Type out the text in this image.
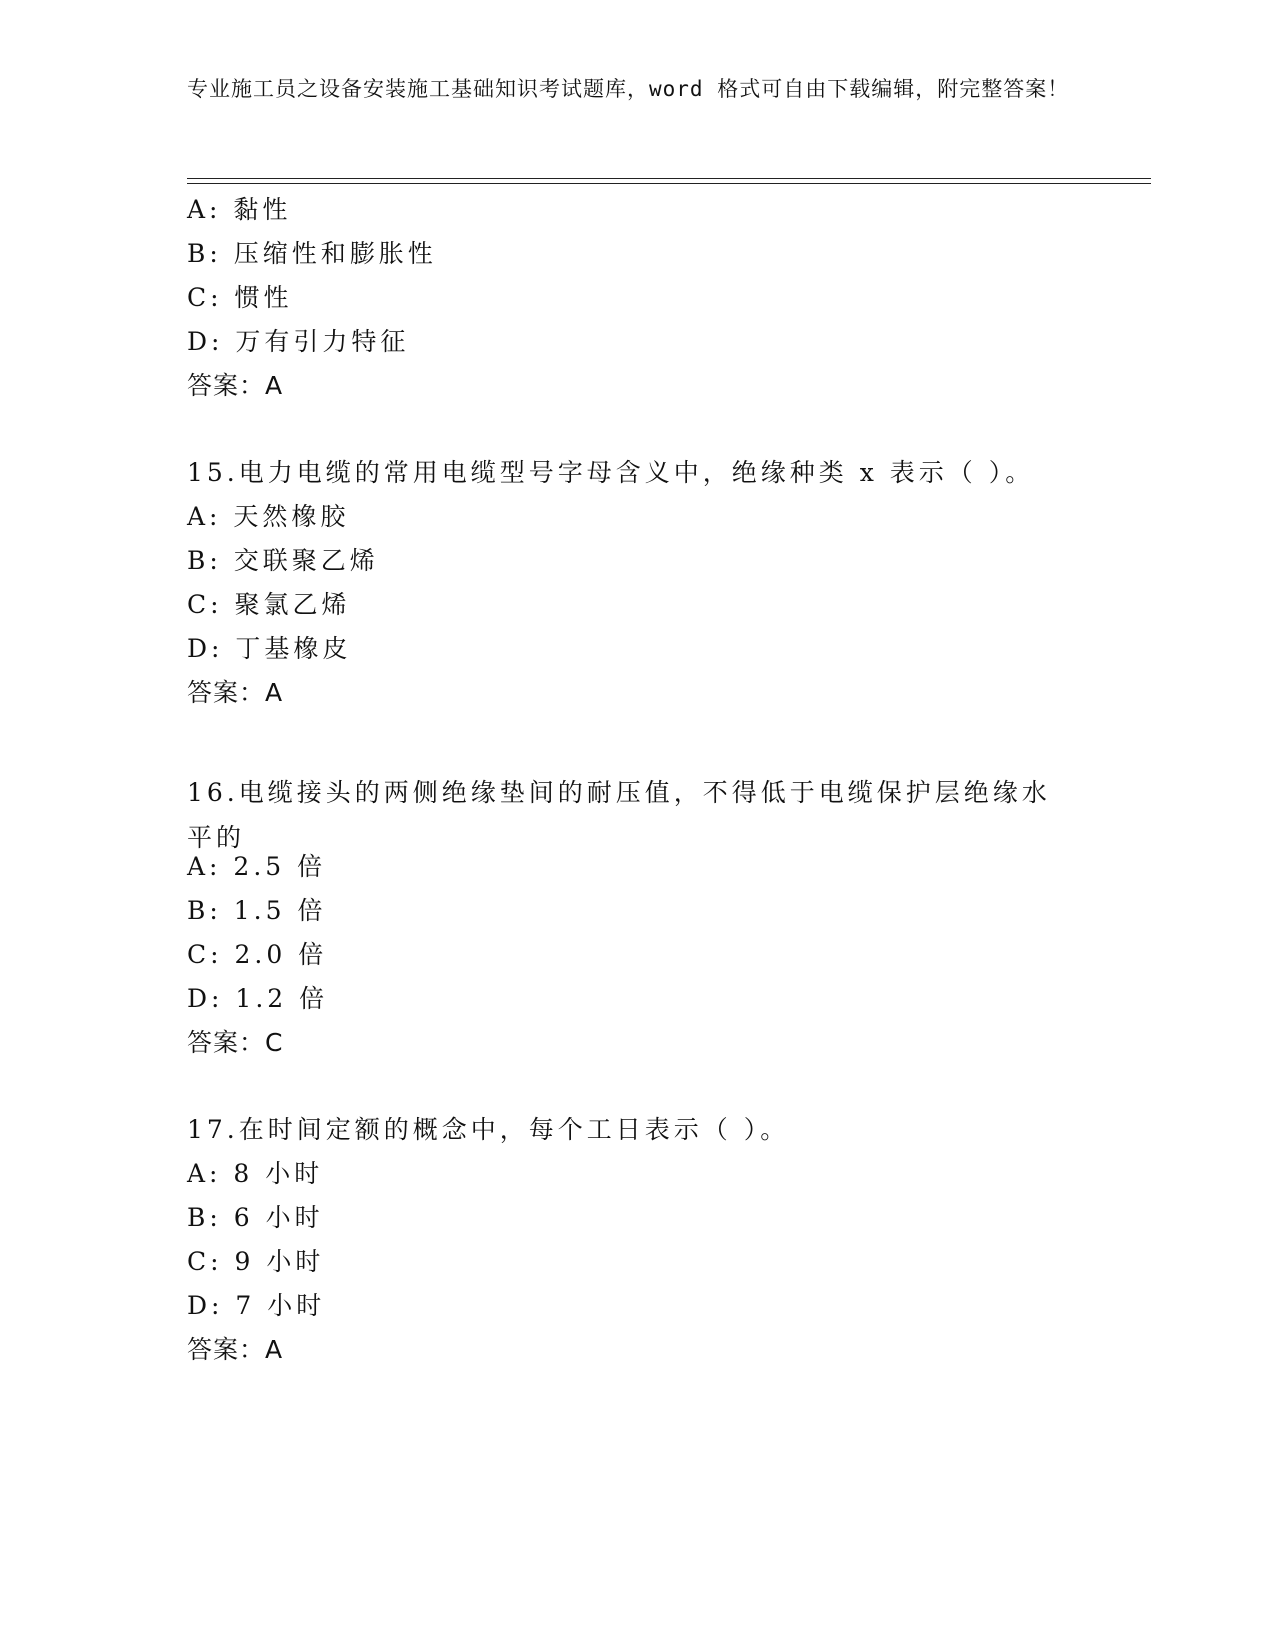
专业施工员之设备安装施工基础知识考试题库，word 格式可自由下载编辑，附完整答案！
A: 黏性
B: 压缩性和膨胀性
C: 惯性
D: 万有引力特征
答案：A
15.电力电缆的常用电缆型号字母含义中，绝缘种类 x 表示（ ）。
A: 天然橡胶
B: 交联聚乙烯
C: 聚氯乙烯
D: 丁基橡皮
答案：A
16.电缆接头的两侧绝缘垫间的耐压值，不得低于电缆保护层绝缘水平的
A: 2.5 倍
B: 1.5 倍
C: 2.0 倍
D: 1.2 倍
答案：C
17.在时间定额的概念中，每个工日表示（ ）。
A: 8 小时
B: 6 小时
C: 9 小时
D: 7 小时
答案：A
